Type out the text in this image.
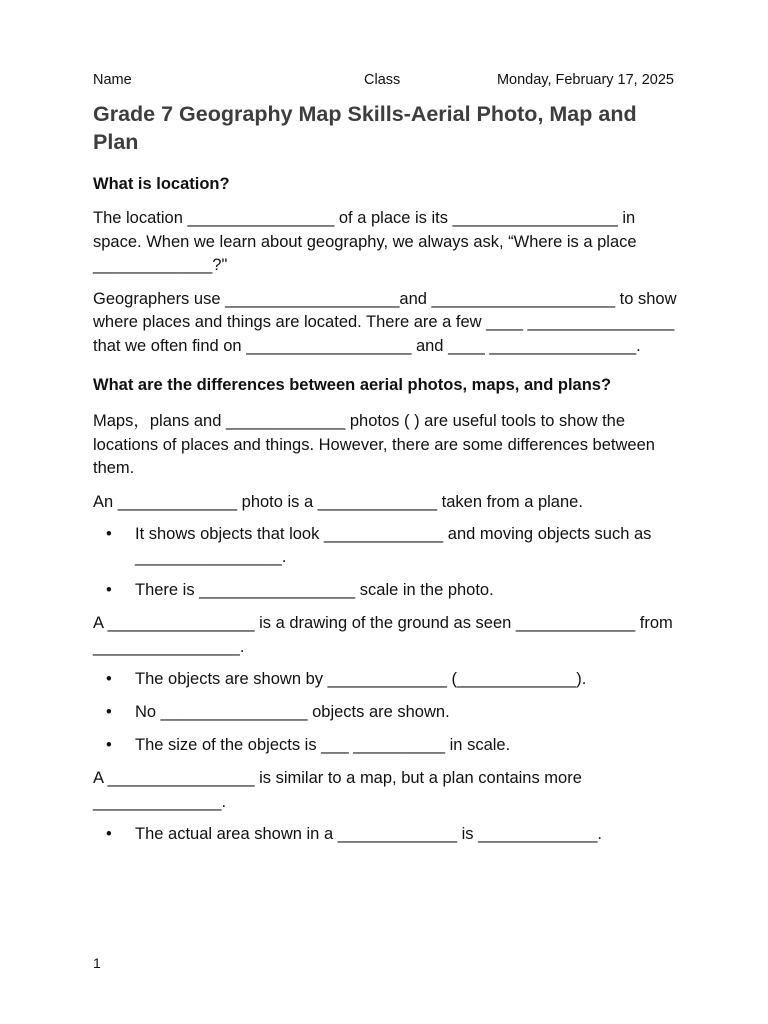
Name	Class	Monday, February 17, 2025
Grade 7 Geography Map Skills-Aerial Photo, Map and Plan
What is location?
The location ________________ of a place is its __________________ in space. When we learn about geography, we always ask, “Where is a place _____________?"
Geographers use ___________________and ____________________ to show where places and things are located. There are a few ____ ________________ that we often find on __________________ and ____ ________________.
What are the differences between aerial photos, maps, and plans?
Maps，plans and _____________ photos ( ) are useful tools to show the locations of places and things. However, there are some differences between them.
An _____________ photo is a _____________ taken from a plane.
• It shows objects that look _____________ and moving objects such as ________________.
• There is _________________ scale in the photo.
A ________________ is a drawing of the ground as seen _____________ from ________________.
• The objects are shown by _____________ (_____________).
• No ________________ objects are shown.
• The size of the objects is ___ __________ in scale.
A ________________ is similar to a map, but a plan contains more ______________.
• The actual area shown in a _____________ is _____________.
1
